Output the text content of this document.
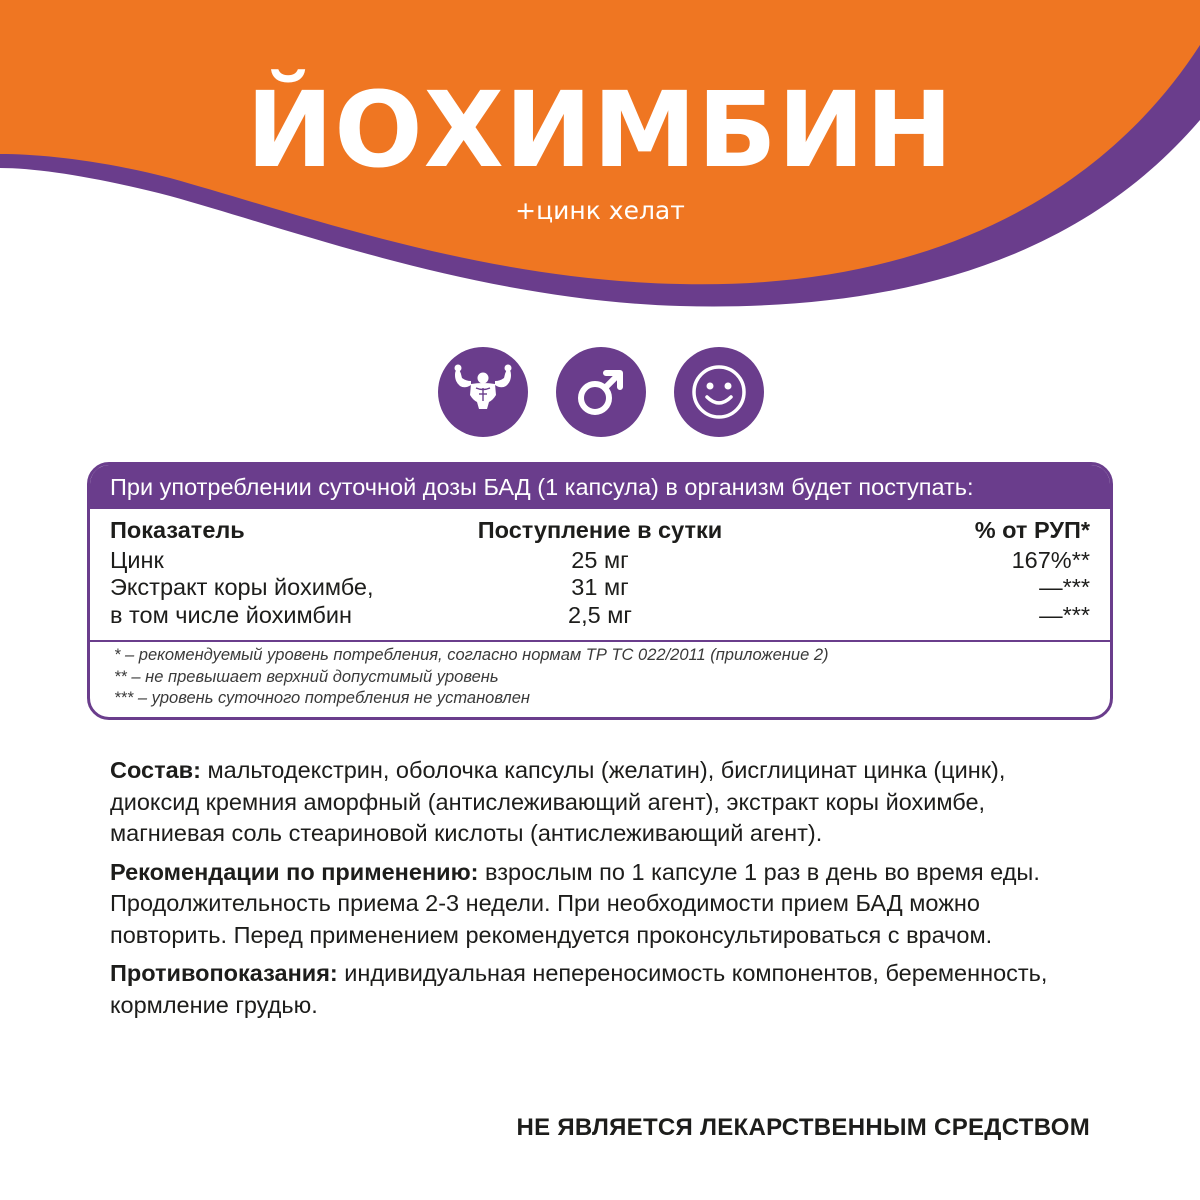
ЙОХИМБИН
+цинк хелат
При употреблении суточной дозы БАД (1 капсула) в организм будет поступать:
Показатель	Поступление в сутки	% от РУП*
Цинк	25 мг	167%**
Экстракт коры йохимбе,	31 мг	—***
в том числе йохимбин	2,5 мг	—***
* – рекомендуемый уровень потребления, согласно нормам ТР ТС 022/2011 (приложение 2)
** – не превышает верхний допустимый уровень
*** – уровень суточного потребления не установлен

Состав: мальтодекстрин, оболочка капсулы (желатин), бисглицинат цинка (цинк), диоксид кремния аморфный (антислеживающий агент), экстракт коры йохимбе, магниевая соль стеариновой кислоты (антислеживающий агент).

Рекомендации по применению: взрослым по 1 капсуле 1 раз в день во время еды. Продолжительность приема 2-3 недели. При необходимости прием БАД можно повторить. Перед применением рекомендуется проконсультироваться с врачом.

Противопоказания: индивидуальная непереносимость компонентов, беременность, кормление грудью.

НЕ ЯВЛЯЕТСЯ ЛЕКАРСТВЕННЫМ СРЕДСТВОМ
